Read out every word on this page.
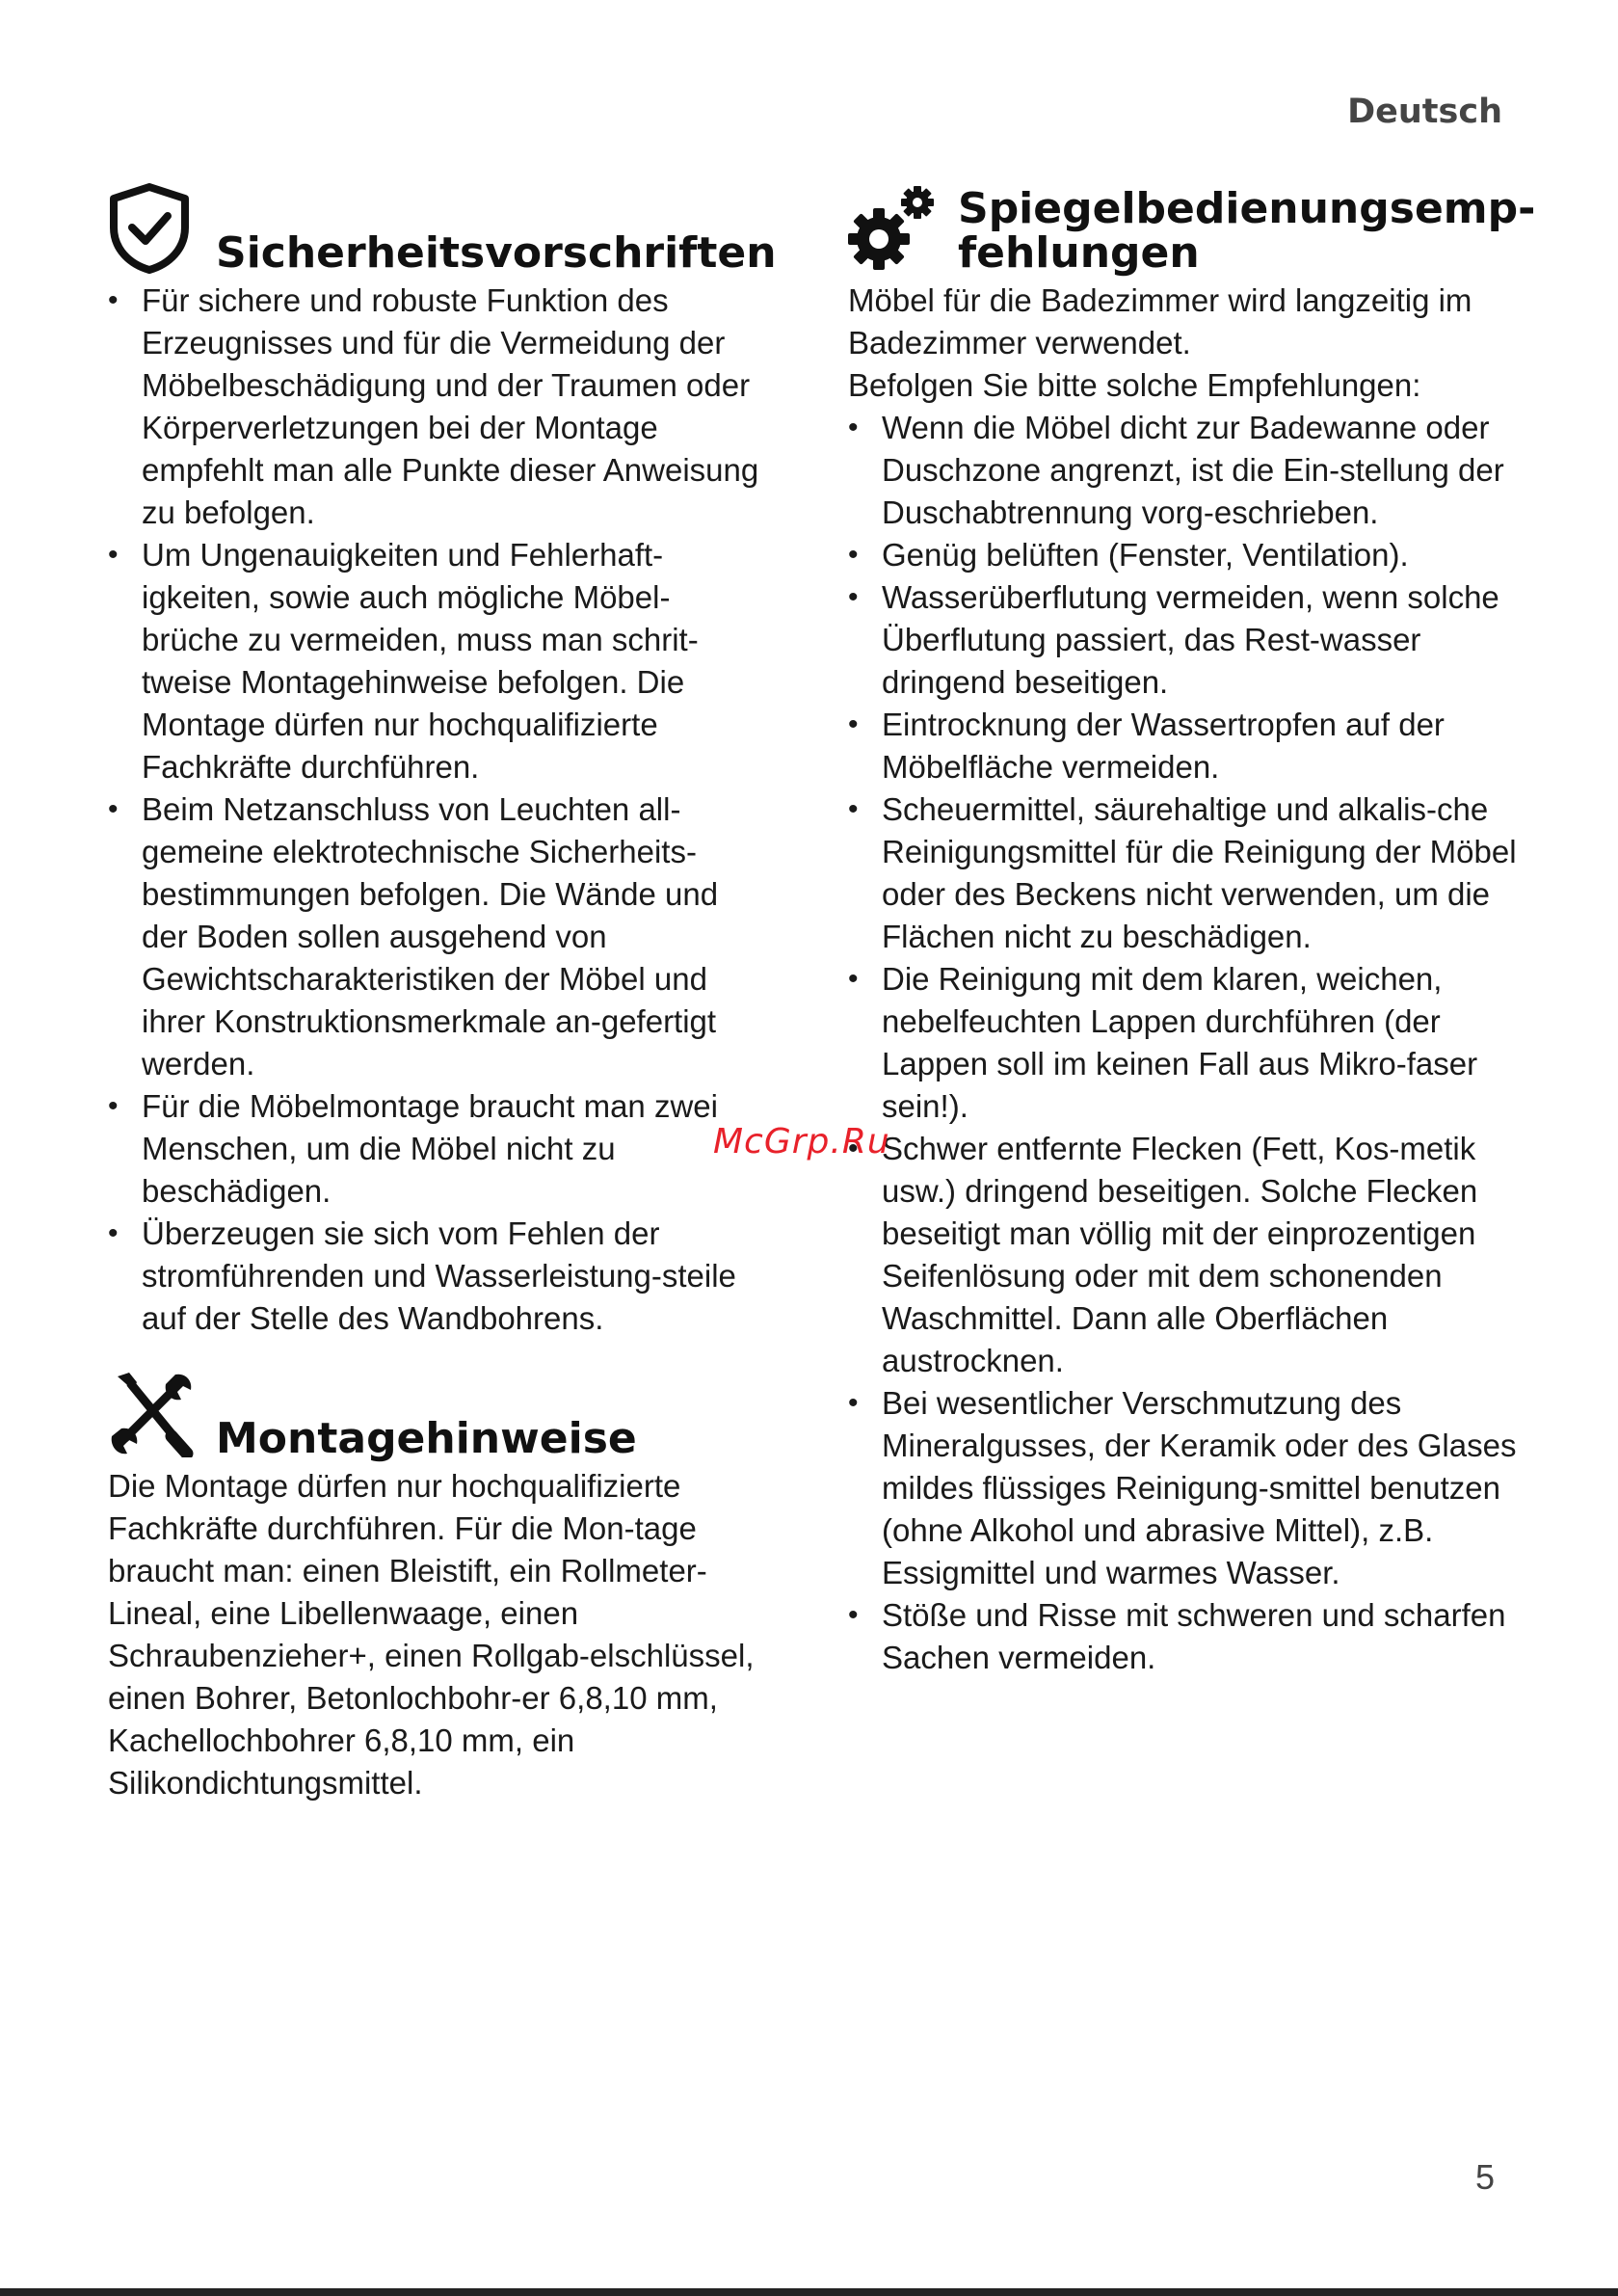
Deutsch
Sicherheitsvorschriften
• Für sichere und robuste Funktion des Erzeugnisses und für die Vermeidung der Möbelbeschädigung und der Traumen oder Körperverletzungen bei der Montage empfehlt man alle Punkte dieser Anweisung zu befolgen.
• Um Ungenauigkeiten und Fehlerhaft-igkeiten, sowie auch mögliche Möbel-brüche zu vermeiden, muss man schrit-tweise Montagehinweise befolgen. Die Montage dürfen nur hochqualifizierte Fachkräfte durchführen.
• Beim Netzanschluss von Leuchten all-gemeine elektrotechnische Sicherheits-bestimmungen befolgen. Die Wände und der Boden sollen ausgehend von Gewichtscharakteristiken der Möbel und ihrer Konstruktionsmerkmale an-gefertigt werden.
• Für die Möbelmontage braucht man zwei Menschen, um die Möbel nicht zu beschädigen.
• Überzeugen sie sich vom Fehlen der stromführenden und Wasserleistung-steile auf der Stelle des Wandbohrens.
Montagehinweise

Die Montage dürfen nur hochqualifizierte Fachkräfte durchführen. Für die Mon-tage braucht man: einen Bleistift, ein Rollmeter-Lineal, eine Libellenwaage, einen Schraubenzieher+, einen Rollgab-elschlüssel, einen Bohrer, Betonlochbohr-er 6,8,10 mm, Kachellochbohrer 6,8,10 mm, ein Silikondichtungsmittel.

Spiegelbedienungsemp-
fehlungen

Möbel für die Badezimmer wird langzeitig im Badezimmer verwendet.

Befolgen Sie bitte solche Empfehlungen:

• Wenn die Möbel dicht zur Badewanne oder Duschzone angrenzt, ist die Ein-stellung der Duschabtrennung vorg-eschrieben.
• Genüg belüften (Fenster, Ventilation).
• Wasserüberflutung vermeiden, wenn solche Überflutung passiert, das Rest-wasser dringend beseitigen.
• Eintrocknung der Wassertropfen auf der Möbelfläche vermeiden.
• Scheuermittel, säurehaltige und alkalis-che Reinigungsmittel für die Reinigung der Möbel oder des Beckens nicht verwenden, um die Flächen nicht zu beschädigen.
• Die Reinigung mit dem klaren, weichen, nebelfeuchten Lappen durchführen (der Lappen soll im keinen Fall aus Mikro-faser sein!).
• Schwer entfernte Flecken (Fett, Kos-metik usw.) dringend beseitigen. Solche Flecken beseitigt man völlig mit der einprozentigen Seifenlösung oder mit dem schonenden Waschmittel. Dann alle Oberflächen austrocknen.
• Bei wesentlicher Verschmutzung des Mineralgusses, der Keramik oder des Glases mildes flüssiges Reinigung-smittel benutzen (ohne Alkohol und abrasive Mittel), z.B. Essigmittel und warmes Wasser.
• Stöße und Risse mit schweren und scharfen Sachen vermeiden.
McGrp.Ru
5
